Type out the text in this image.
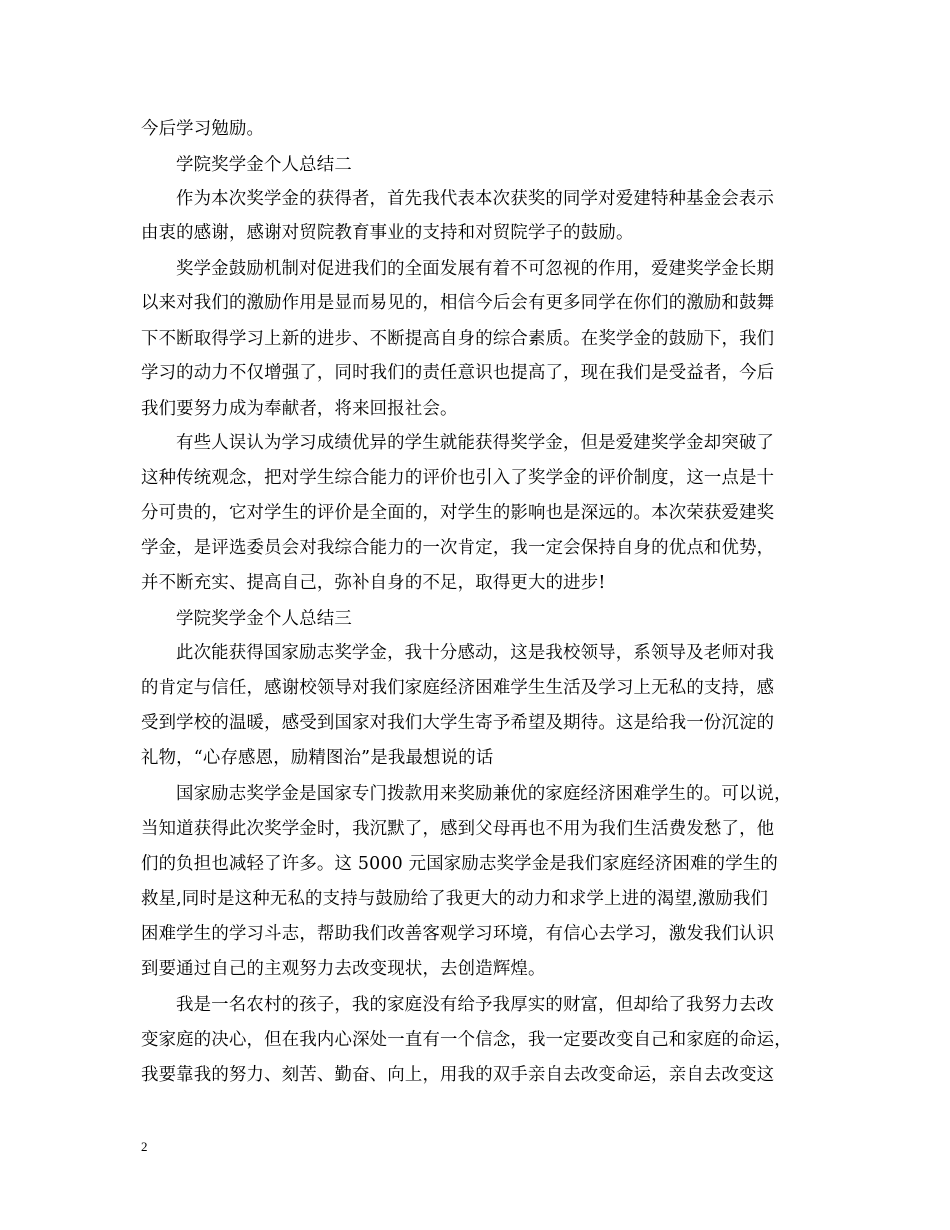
今后学习勉励。
学院奖学金个人总结二
作为本次奖学金的获得者，首先我代表本次获奖的同学对爱建特种基金会表示
由衷的感谢，感谢对贸院教育事业的支持和对贸院学子的鼓励。
奖学金鼓励机制对促进我们的全面发展有着不可忽视的作用，爱建奖学金长期
以来对我们的激励作用是显而易见的，相信今后会有更多同学在你们的激励和鼓舞
下不断取得学习上新的进步、不断提高自身的综合素质。在奖学金的鼓励下，我们
学习的动力不仅增强了，同时我们的责任意识也提高了，现在我们是受益者，今后
我们要努力成为奉献者，将来回报社会。
有些人误认为学习成绩优异的学生就能获得奖学金，但是爱建奖学金却突破了
这种传统观念，把对学生综合能力的评价也引入了奖学金的评价制度，这一点是十
分可贵的，它对学生的评价是全面的，对学生的影响也是深远的。本次荣获爱建奖
学金，是评选委员会对我综合能力的一次肯定，我一定会保持自身的优点和优势，
并不断充实、提高自己，弥补自身的不足，取得更大的进步!
学院奖学金个人总结三
此次能获得国家励志奖学金，我十分感动，这是我校领导，系领导及老师对我
的肯定与信任，感谢校领导对我们家庭经济困难学生生活及学习上无私的支持，感
受到学校的温暖，感受到国家对我们大学生寄予希望及期待。这是给我一份沉淀的
礼物，“心存感恩，励精图治”是我最想说的话
国家励志奖学金是国家专门拨款用来奖励兼优的家庭经济困难学生的。可以说，
当知道获得此次奖学金时，我沉默了，感到父母再也不用为我们生活费发愁了，他
们的负担也减轻了许多。这 5000 元国家励志奖学金是我们家庭经济困难的学生的
救星,同时是这种无私的支持与鼓励给了我更大的动力和求学上进的渴望,激励我们
困难学生的学习斗志，帮助我们改善客观学习环境，有信心去学习，激发我们认识
到要通过自己的主观努力去改变现状，去创造辉煌。
我是一名农村的孩子，我的家庭没有给予我厚实的财富，但却给了我努力去改
变家庭的决心，但在我内心深处一直有一个信念，我一定要改变自己和家庭的命运，
我要靠我的努力、刻苦、勤奋、向上，用我的双手亲自去改变命运，亲自去改变这
2
